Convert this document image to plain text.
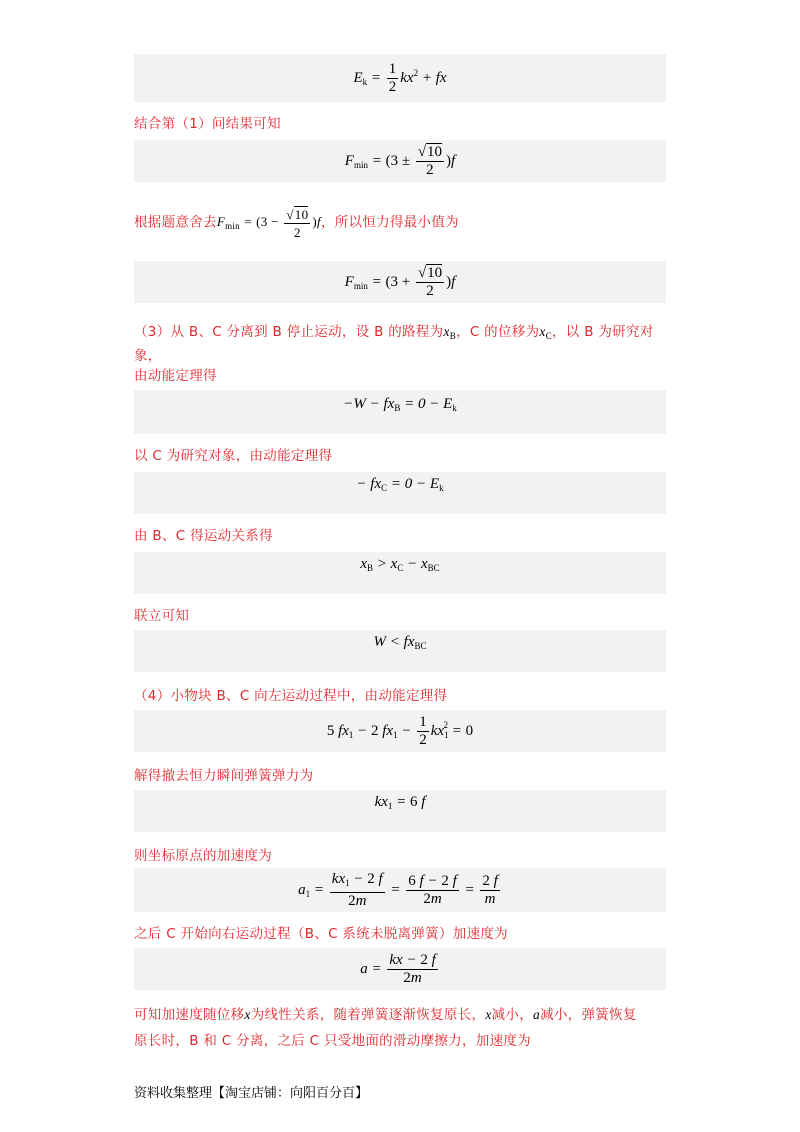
$E_k = \frac{1}{2} kx^2$ + fx
结合第（1）问结果可知
$F_{min} = (3 \pm \frac{√10}{2} )f$
根据题意舍去$F_{min} = (3 - \frac{√10}{2} )f$，所以恒力得最小值为
$F_{min} = (3 + \frac{√10}{2} )f$
（3）从 B、C 分离到 B 停止运动，设 B 的路程为$x_B$，C 的位移为$x_C$，以 B 为研究对象，
由动能定理得
$-W - fx_B = 0 - E_k$
以 C 为研究对象，由动能定理得
− $fx_C = 0 - E_k$
由 B、C 得运动关系得
$x_B > x_C - x_{BC}$
联立可知
$W < fx_{BC}$
（4）小物块 B、C 向左运动过程中，由动能定理得
5 $fx_1 - 2$ $fx_1 - \frac{1}{2} kx_1^2 = 0$
解得撤去恒力瞬间弹簧弹力为
$kx_1 = 6$ f
则坐标原点的加速度为
$a_1 = \frac{kx_1 - 2 f}{2m} = \frac{6 f - 2 f}{2m} = \frac{2 f}{m}$
之后 C 开始向右运动过程（B、C 系统未脱离弹簧）加速度为
$a = \frac{kx - 2 f}{2m}$
可知加速度随位移x为线性关系，随着弹簧逐渐恢复原长，x减小，a减小，弹簧恢复
原长时，B 和 C 分离，之后 C 只受地面的滑动摩擦力，加速度为
资料收集整理【淘宝店铺：向阳百分百】
